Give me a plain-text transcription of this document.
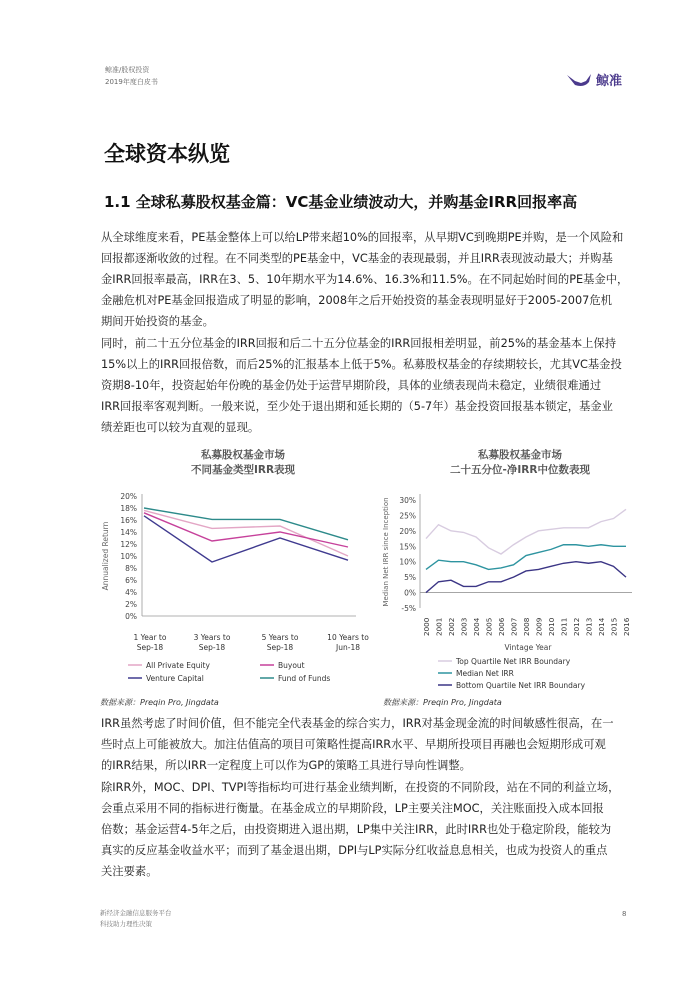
鲸准/股权投资
2019年度白皮书	鲸准
全球资本纵览
1.1 全球私募股权基金篇：VC基金业绩波动大，并购基金IRR回报率高
从全球维度来看，PE基金整体上可以给LP带来超10%的回报率，从早期VC到晚期PE并购，是一个风险和
回报都逐渐收敛的过程。在不同类型的PE基金中，VC基金的表现最弱，并且IRR表现波动最大；并购基
金IRR回报率最高，IRR在3、5、10年期水平为14.6%、16.3%和11.5%。在不同起始时间的PE基金中，
金融危机对PE基金回报造成了明显的影响，2008年之后开始投资的基金表现明显好于2005-2007危机
期间开始投资的基金。
同时，前二十五分位基金的IRR回报和后二十五分位基金的IRR回报相差明显，前25%的基金基本上保持
15%以上的IRR回报倍数，而后25%的汇报基本上低于5%。私募股权基金的存续期较长，尤其VC基金投
资期8-10年，投资起始年份晚的基金仍处于运营早期阶段，具体的业绩表现尚未稳定，业绩很难通过
IRR回报率客观判断。一般来说，至少处于退出期和延长期的（5-7年）基金投资回报基本锁定，基金业
绩差距也可以较为直观的显现。
私募股权基金市场
不同基金类型IRR表现
0%
2%
4%
6%
8%
10%
12%
14%
16%
18%
20%
Annualized Return
1 Year to
Sep-18
3 Years to
Sep-18
5 Years to
Sep-18
10 Years to
Jun-18
All Private Equity	Buyout
Venture Capital	Fund of Funds
数据来源：Preqin Pro, Jingdata
私募股权基金市场
二十五分位-净IRR中位数表现
-5%
0%
5%
10%
15%
20%
25%
30%
Median Net IRR since Inception
2000 2001 2002 2003 2004 2005 2006 2007 2008 2009 2010 2011 2012 2013 2014 2015 2016
Vintage Year
Top Quartile Net IRR Boundary
Median Net IRR
Bottom Quartile Net IRR Boundary
数据来源：Preqin Pro, Jingdata
IRR虽然考虑了时间价值，但不能完全代表基金的综合实力，IRR对基金现金流的时间敏感性很高，在一
些时点上可能被放大。加注估值高的项目可策略性提高IRR水平、早期所投项目再融也会短期形成可观
的IRR结果，所以IRR一定程度上可以作为GP的策略工具进行导向性调整。
除IRR外，MOC、DPI、TVPI等指标均可进行基金业绩判断，在投资的不同阶段，站在不同的利益立场，
会重点采用不同的指标进行衡量。在基金成立的早期阶段，LP主要关注MOC，关注账面投入成本回报
倍数；基金运营4-5年之后，由投资期进入退出期，LP集中关注IRR，此时IRR也处于稳定阶段，能较为
真实的反应基金收益水平；而到了基金退出期，DPI与LP实际分红收益息息相关，也成为投资人的重点
关注要素。
新经济金融信息服务平台
科技助力理性决策
8
